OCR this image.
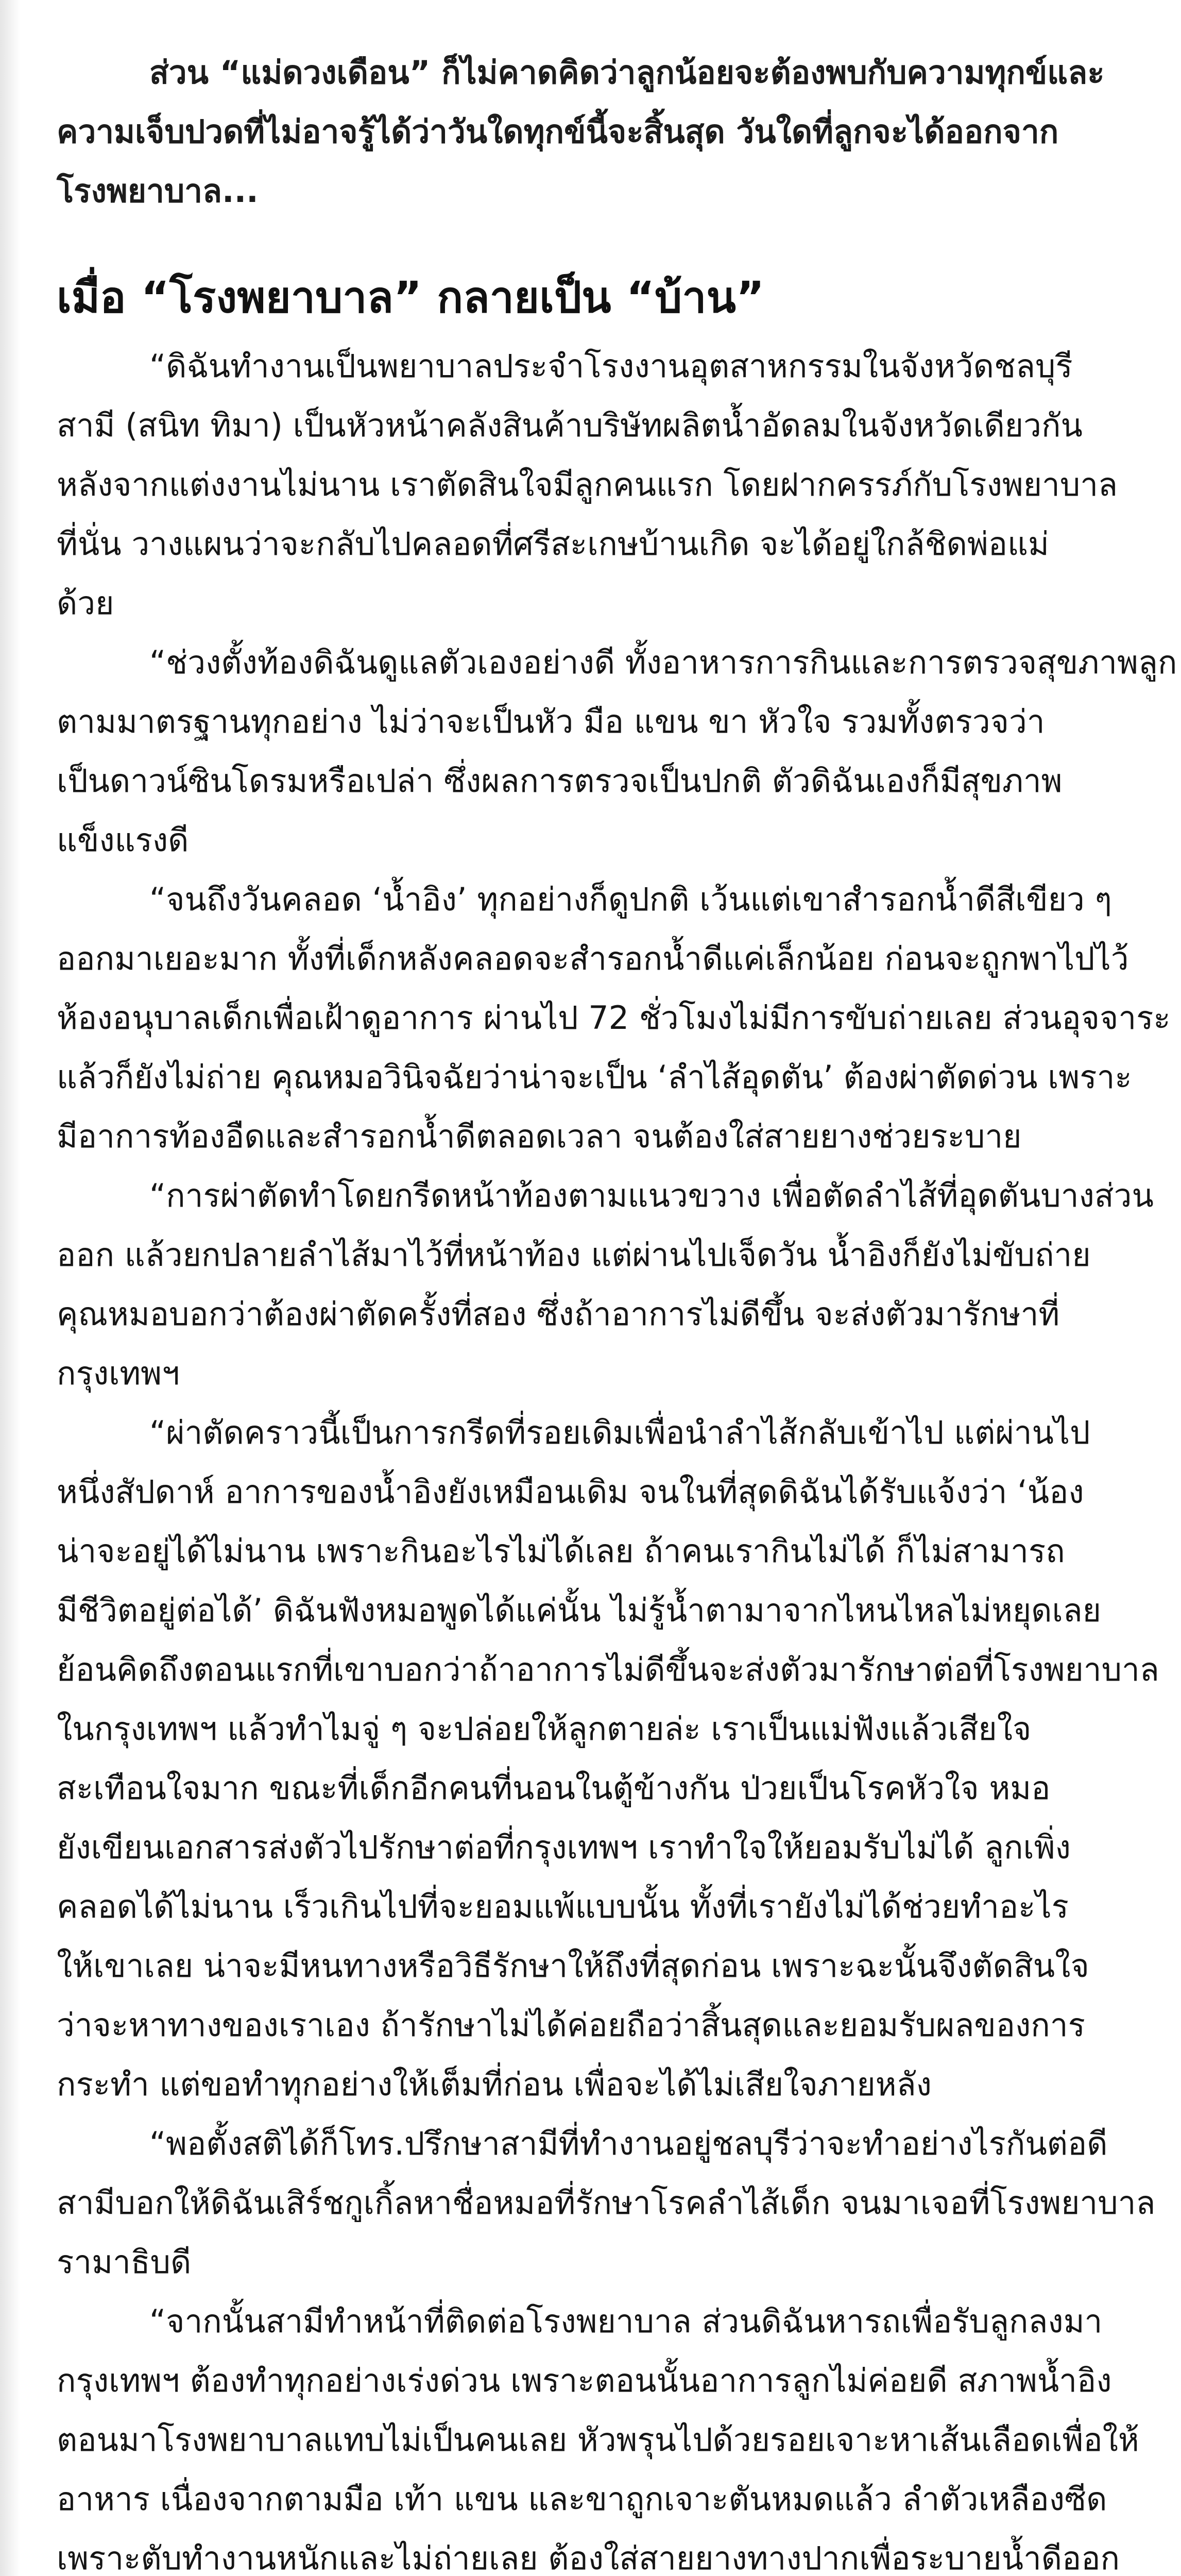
ส่วน “แม่ดวงเดือน” ก็ไม่คาดคิดว่าลูกน้อยจะต้องพบกับความทุกข์และ
ความเจ็บปวดที่ไม่อาจรู้ได้ว่าวันใดทุกข์นี้จะสิ้นสุด วันใดที่ลูกจะได้ออกจาก
โรงพยาบาล...
เมื่อ “โรงพยาบาล” กลายเป็น “บ้าน”
“ดิฉันทำงานเป็นพยาบาลประจำโรงงานอุตสาหกรรมในจังหวัดชลบุรี
สามี (สนิท ทิมา) เป็นหัวหน้าคลังสินค้าบริษัทผลิตน้ำอัดลมในจังหวัดเดียวกัน
หลังจากแต่งงานไม่นาน เราตัดสินใจมีลูกคนแรก โดยฝากครรภ์กับโรงพยาบาล
ที่นั่น วางแผนว่าจะกลับไปคลอดที่ศรีสะเกษบ้านเกิด จะได้อยู่ใกล้ชิดพ่อแม่
ด้วย
“ช่วงตั้งท้องดิฉันดูแลตัวเองอย่างดี ทั้งอาหารการกินและการตรวจสุขภาพลูก
ตามมาตรฐานทุกอย่าง ไม่ว่าจะเป็นหัว มือ แขน ขา หัวใจ รวมทั้งตรวจว่า
เป็นดาวน์ซินโดรมหรือเปล่า ซึ่งผลการตรวจเป็นปกติ ตัวดิฉันเองก็มีสุขภาพ
แข็งแรงดี
“จนถึงวันคลอด ‘น้ำอิง’ ทุกอย่างก็ดูปกติ เว้นแต่เขาสำรอกน้ำดีสีเขียว ๆ
ออกมาเยอะมาก ทั้งที่เด็กหลังคลอดจะสำรอกน้ำดีแค่เล็กน้อย ก่อนจะถูกพาไปไว้
ห้องอนุบาลเด็กเพื่อเฝ้าดูอาการ ผ่านไป 72 ชั่วโมงไม่มีการขับถ่ายเลย ส่วนอุจจาระ
แล้วก็ยังไม่ถ่าย คุณหมอวินิจฉัยว่าน่าจะเป็น ‘ลำไส้อุดตัน’ ต้องผ่าตัดด่วน เพราะ
มีอาการท้องอืดและสำรอกน้ำดีตลอดเวลา จนต้องใส่สายยางช่วยระบาย
“การผ่าตัดทำโดยกรีดหน้าท้องตามแนวขวาง เพื่อตัดลำไส้ที่อุดตันบางส่วน
ออก แล้วยกปลายลำไส้มาไว้ที่หน้าท้อง แต่ผ่านไปเจ็ดวัน น้ำอิงก็ยังไม่ขับถ่าย
คุณหมอบอกว่าต้องผ่าตัดครั้งที่สอง ซึ่งถ้าอาการไม่ดีขึ้น จะส่งตัวมารักษาที่
กรุงเทพฯ
“ผ่าตัดคราวนี้เป็นการกรีดที่รอยเดิมเพื่อนำลำไส้กลับเข้าไป แต่ผ่านไป
หนึ่งสัปดาห์ อาการของน้ำอิงยังเหมือนเดิม จนในที่สุดดิฉันได้รับแจ้งว่า ‘น้อง
น่าจะอยู่ได้ไม่นาน เพราะกินอะไรไม่ได้เลย ถ้าคนเรากินไม่ได้ ก็ไม่สามารถ
มีชีวิตอยู่ต่อได้’ ดิฉันฟังหมอพูดได้แค่นั้น ไม่รู้น้ำตามาจากไหนไหลไม่หยุดเลย
ย้อนคิดถึงตอนแรกที่เขาบอกว่าถ้าอาการไม่ดีขึ้นจะส่งตัวมารักษาต่อที่โรงพยาบาล
ในกรุงเทพฯ แล้วทำไมจู่ ๆ จะปล่อยให้ลูกตายล่ะ เราเป็นแม่ฟังแล้วเสียใจ
สะเทือนใจมาก ขณะที่เด็กอีกคนที่นอนในตู้ข้างกัน ป่วยเป็นโรคหัวใจ หมอ
ยังเขียนเอกสารส่งตัวไปรักษาต่อที่กรุงเทพฯ เราทำใจให้ยอมรับไม่ได้ ลูกเพิ่ง
คลอดได้ไม่นาน เร็วเกินไปที่จะยอมแพ้แบบนั้น ทั้งที่เรายังไม่ได้ช่วยทำอะไร
ให้เขาเลย น่าจะมีหนทางหรือวิธีรักษาให้ถึงที่สุดก่อน เพราะฉะนั้นจึงตัดสินใจ
ว่าจะหาทางของเราเอง ถ้ารักษาไม่ได้ค่อยถือว่าสิ้นสุดและยอมรับผลของการ
กระทำ แต่ขอทำทุกอย่างให้เต็มที่ก่อน เพื่อจะได้ไม่เสียใจภายหลัง
“พอตั้งสติได้ก็โทร.ปรึกษาสามีที่ทำงานอยู่ชลบุรีว่าจะทำอย่างไรกันต่อดี
สามีบอกให้ดิฉันเสิร์ชกูเกิ้ลหาชื่อหมอที่รักษาโรคลำไส้เด็ก จนมาเจอที่โรงพยาบาล
รามาธิบดี
“จากนั้นสามีทำหน้าที่ติดต่อโรงพยาบาล ส่วนดิฉันหารถเพื่อรับลูกลงมา
กรุงเทพฯ ต้องทำทุกอย่างเร่งด่วน เพราะตอนนั้นอาการลูกไม่ค่อยดี สภาพน้ำอิง
ตอนมาโรงพยาบาลแทบไม่เป็นคนเลย หัวพรุนไปด้วยรอยเจาะหาเส้นเลือดเพื่อให้
อาหาร เนื่องจากตามมือ เท้า แขน และขาถูกเจาะตันหมดแล้ว ลำตัวเหลืองซีด
เพราะตับทำงานหนักและไม่ถ่ายเลย ต้องใส่สายยางทางปากเพื่อระบายน้ำดีออก
